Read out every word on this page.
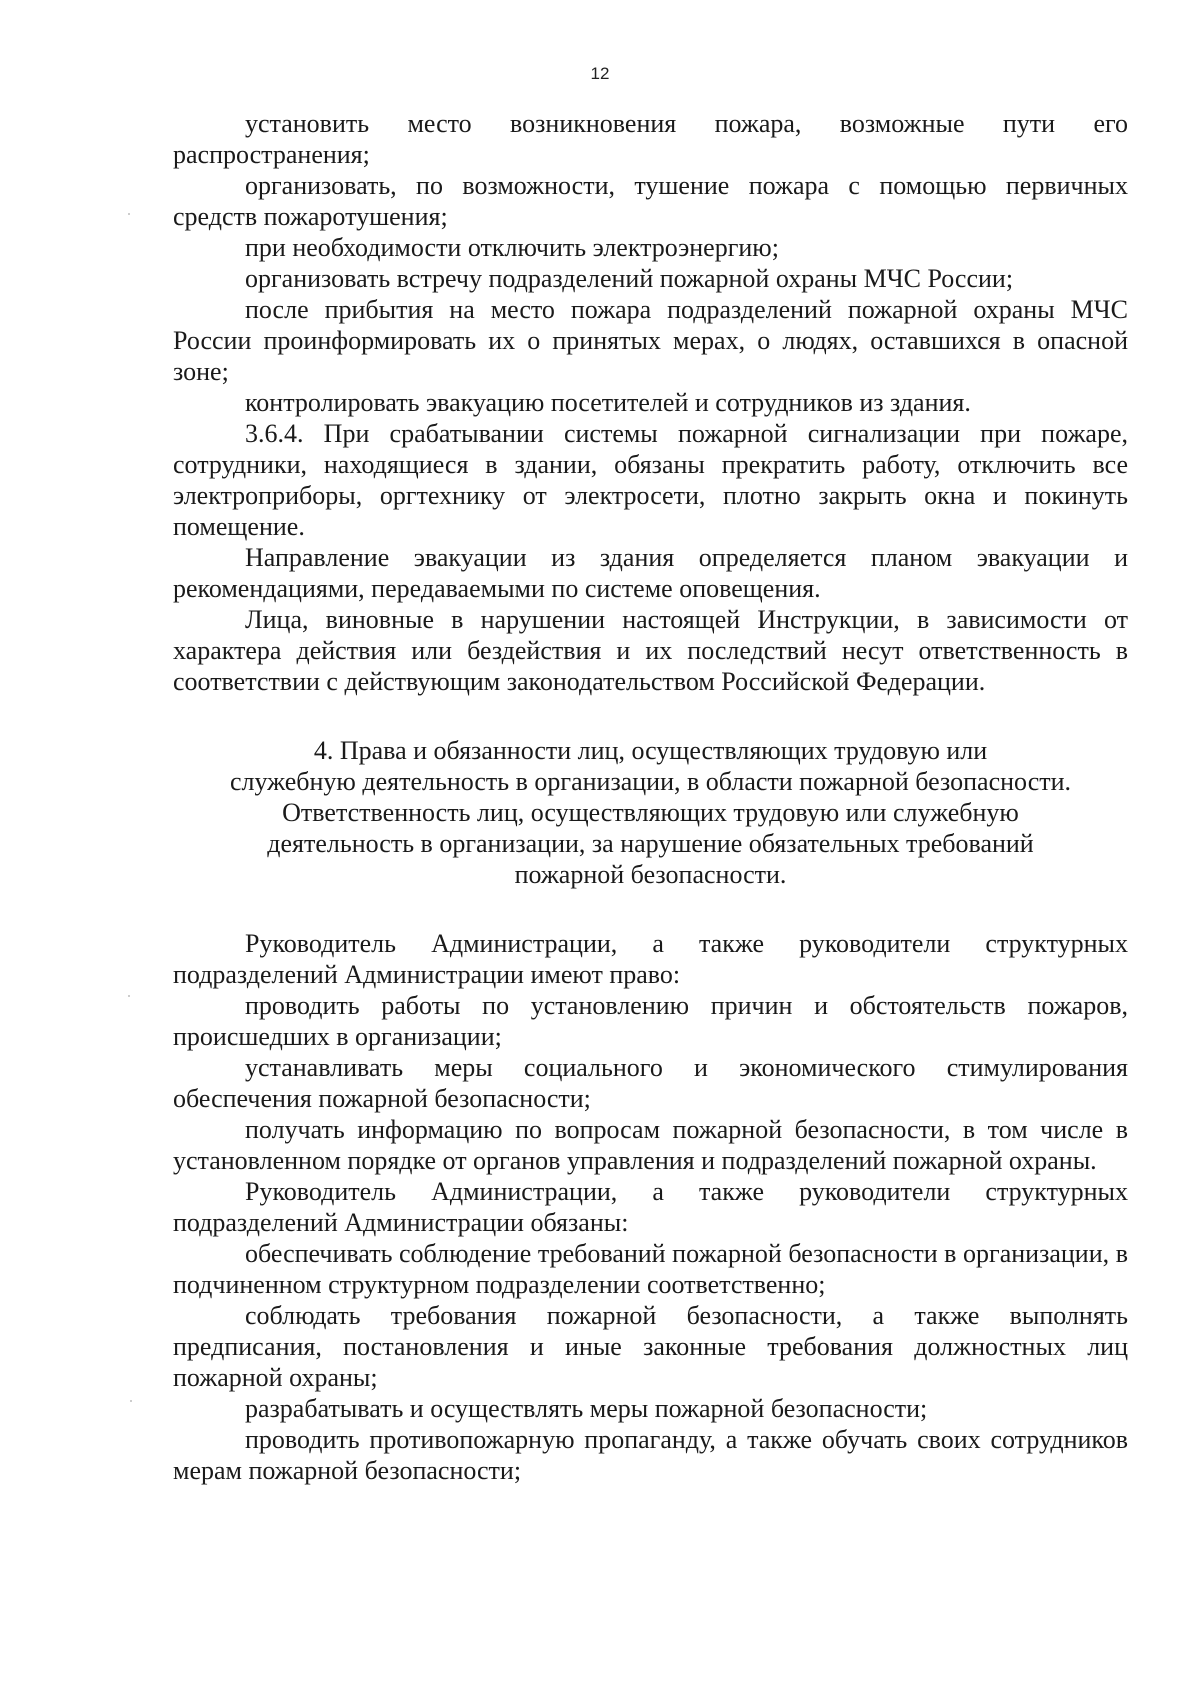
12

установить место возникновения пожара, возможные пути его распространения;

организовать, по возможности, тушение пожара с помощью первичных средств пожаротушения;

при необходимости отключить электроэнергию;

организовать встречу подразделений пожарной охраны МЧС России;

после прибытия на место пожара подразделений пожарной охраны МЧС России проинформировать их о принятых мерах, о людях, оставшихся в опасной зоне;

контролировать эвакуацию посетителей и сотрудников из здания.

3.6.4. При срабатывании системы пожарной сигнализации при пожаре, сотрудники, находящиеся в здании, обязаны прекратить работу, отключить все электроприборы, оргтехнику от электросети, плотно закрыть окна и покинуть помещение.

Направление эвакуации из здания определяется планом эвакуации и рекомендациями, передаваемыми по системе оповещения.

Лица, виновные в нарушении настоящей Инструкции, в зависимости от характера действия или бездействия и их последствий несут ответственность в соответствии с действующим законодательством Российской Федерации.

4. Права и обязанности лиц, осуществляющих трудовую или
служебную деятельность в организации, в области пожарной безопасности.
Ответственность лиц, осуществляющих трудовую или служебную
деятельность в организации, за нарушение обязательных требований
пожарной безопасности.

Руководитель Администрации, а также руководители структурных подразделений Администрации имеют право:

проводить работы по установлению причин и обстоятельств пожаров, происшедших в организации;

устанавливать меры социального и экономического стимулирования обеспечения пожарной безопасности;

получать информацию по вопросам пожарной безопасности, в том числе в установленном порядке от органов управления и подразделений пожарной охраны.

Руководитель Администрации, а также руководители структурных подразделений Администрации обязаны:

обеспечивать соблюдение требований пожарной безопасности в организации, в подчиненном структурном подразделении соответственно;

соблюдать требования пожарной безопасности, а также выполнять предписания, постановления и иные законные требования должностных лиц пожарной охраны;

разрабатывать и осуществлять меры пожарной безопасности;

проводить противопожарную пропаганду, а также обучать своих сотрудников мерам пожарной безопасности;
